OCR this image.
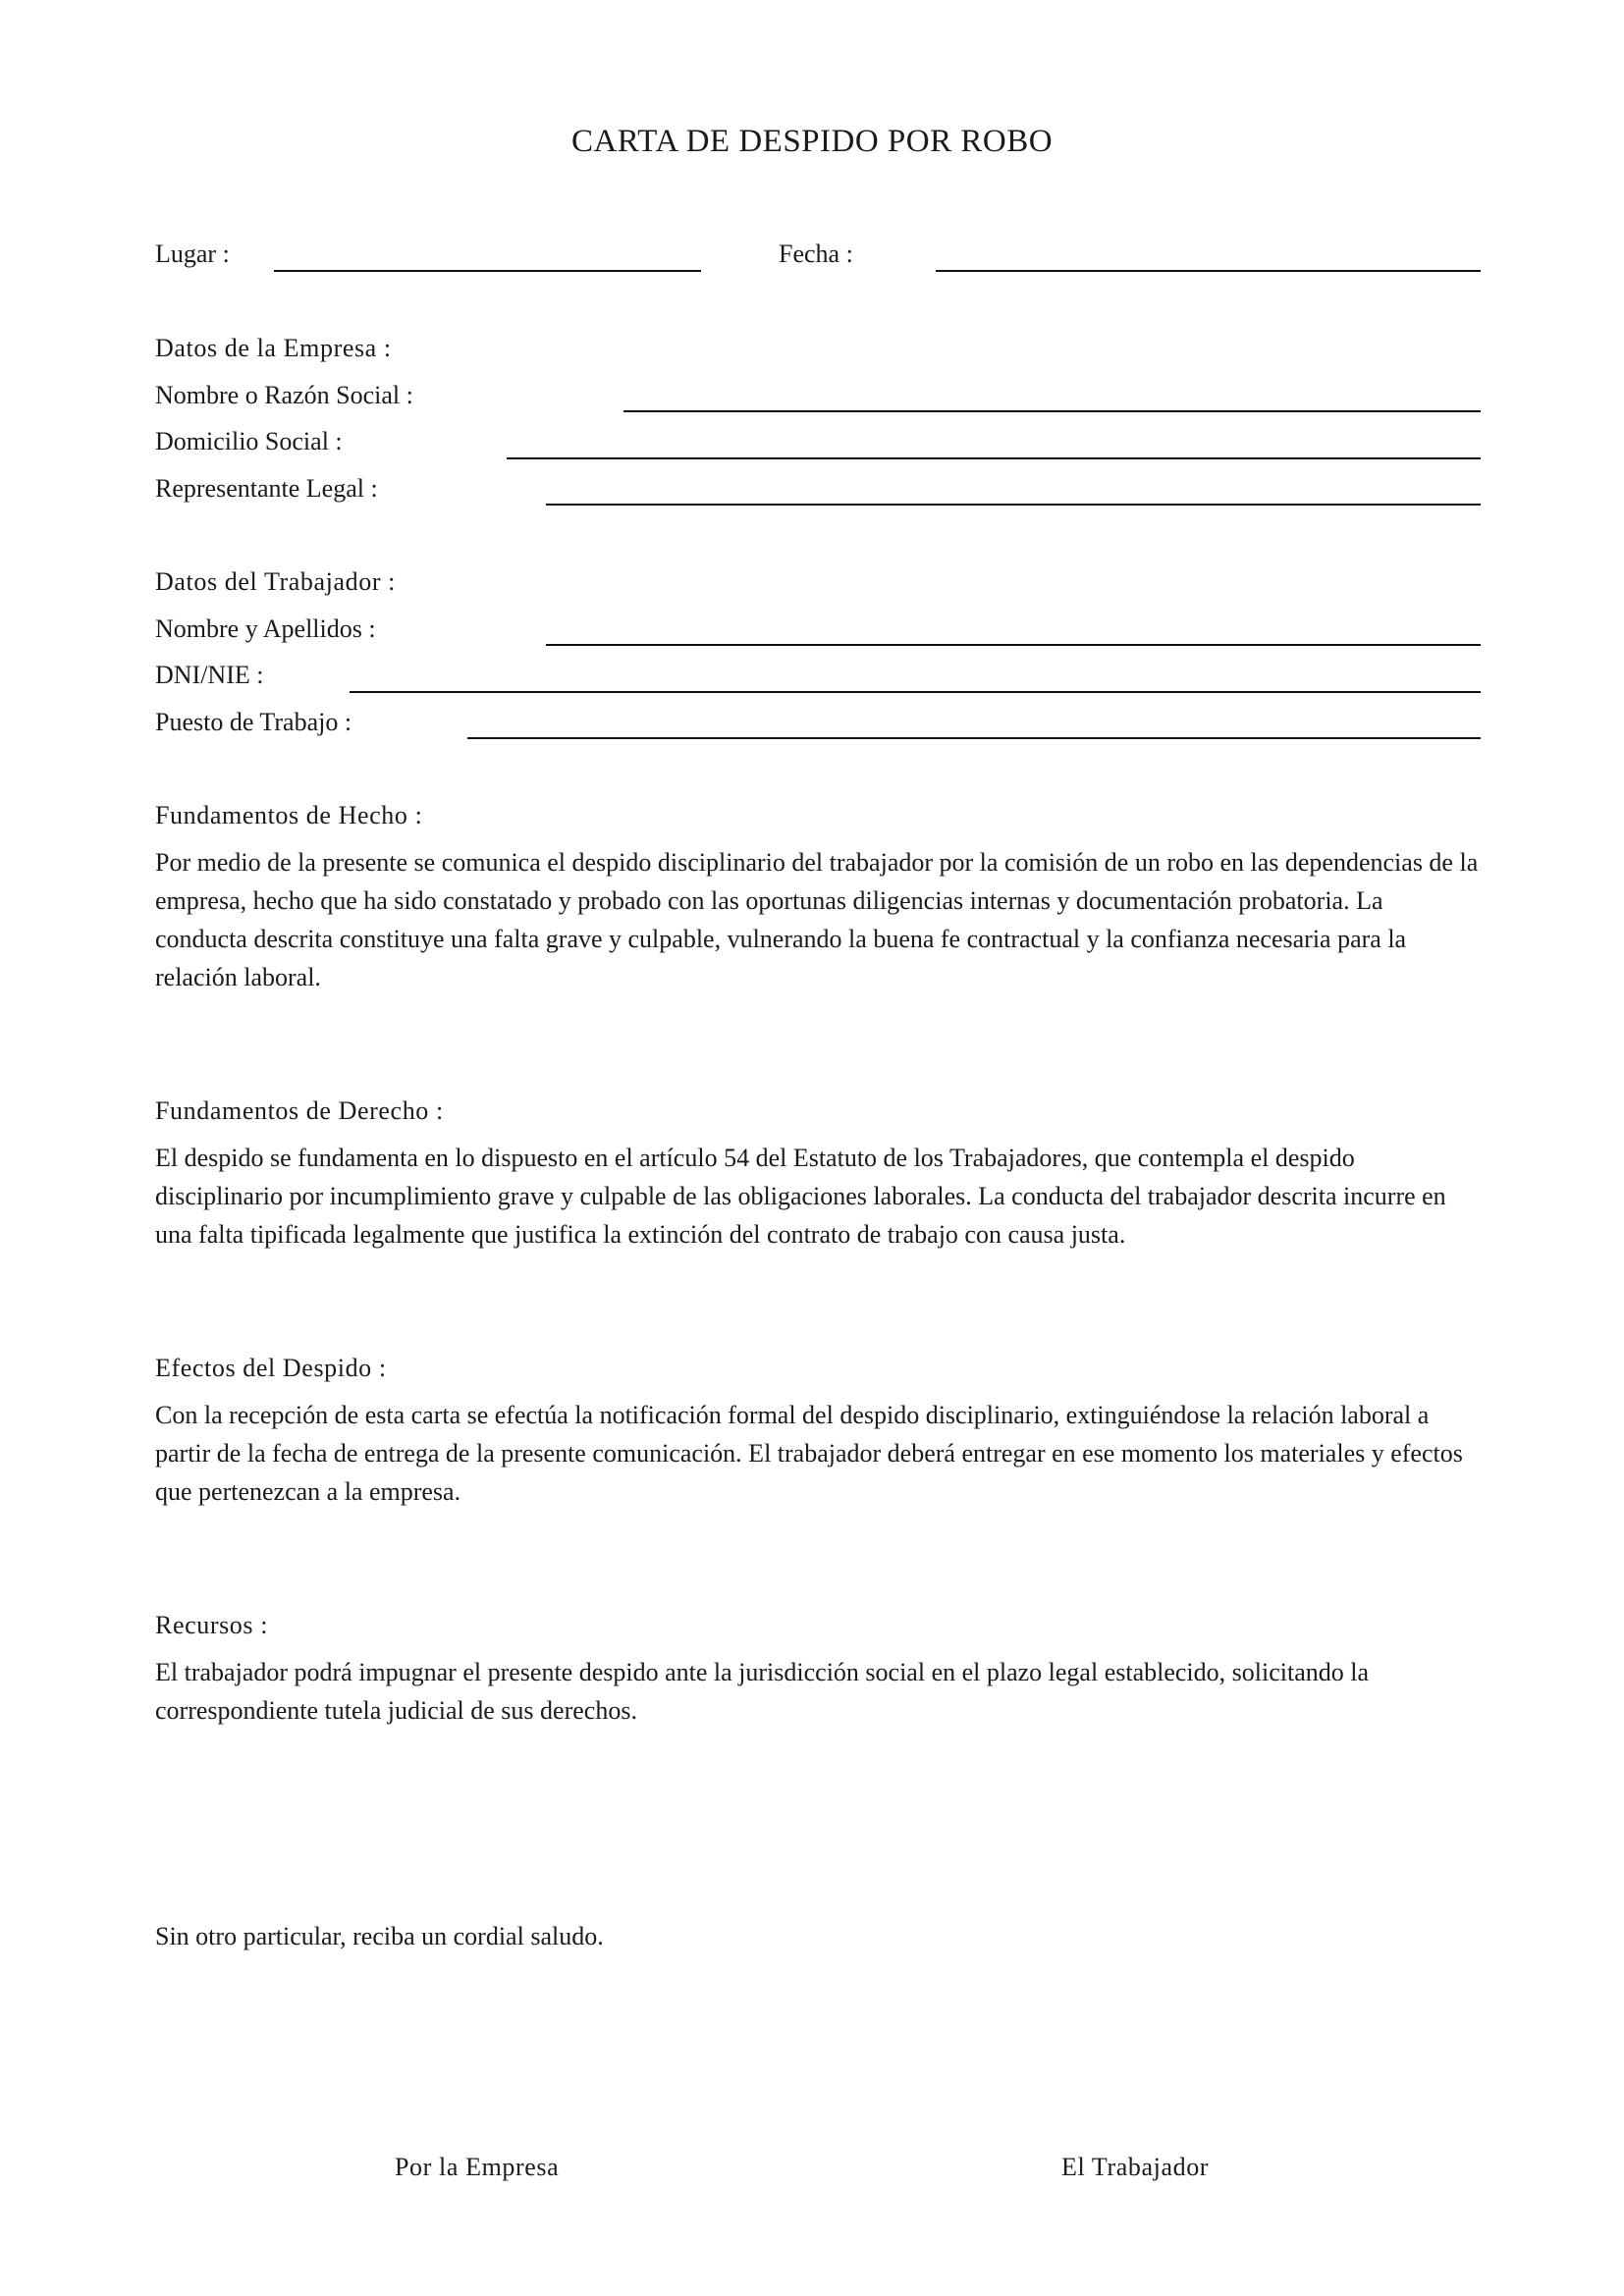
CARTA DE DESPIDO POR ROBO
Lugar :	Fecha :
Datos de la Empresa :
Nombre o Razón Social :
Domicilio Social :
Representante Legal :
Datos del Trabajador :
Nombre y Apellidos :
DNI/NIE :
Puesto de Trabajo :
Fundamentos de Hecho :
Por medio de la presente se comunica el despido disciplinario del trabajador por la comisión de un robo en las dependencias de la empresa, hecho que ha sido constatado y probado con las oportunas diligencias internas y documentación probatoria. La conducta descrita constituye una falta grave y culpable, vulnerando la buena fe contractual y la confianza necesaria para la relación laboral.
Fundamentos de Derecho :
El despido se fundamenta en lo dispuesto en el artículo 54 del Estatuto de los Trabajadores, que contempla el despido disciplinario por incumplimiento grave y culpable de las obligaciones laborales. La conducta del trabajador descrita incurre en una falta tipificada legalmente que justifica la extinción del contrato de trabajo con causa justa.
Efectos del Despido :
Con la recepción de esta carta se efectúa la notificación formal del despido disciplinario, extinguiéndose la relación laboral a partir de la fecha de entrega de la presente comunicación. El trabajador deberá entregar en ese momento los materiales y efectos que pertenezcan a la empresa.
Recursos :
El trabajador podrá impugnar el presente despido ante la jurisdicción social en el plazo legal establecido, solicitando la correspondiente tutela judicial de sus derechos.
Sin otro particular, reciba un cordial saludo.
Por la Empresa	El Trabajador
